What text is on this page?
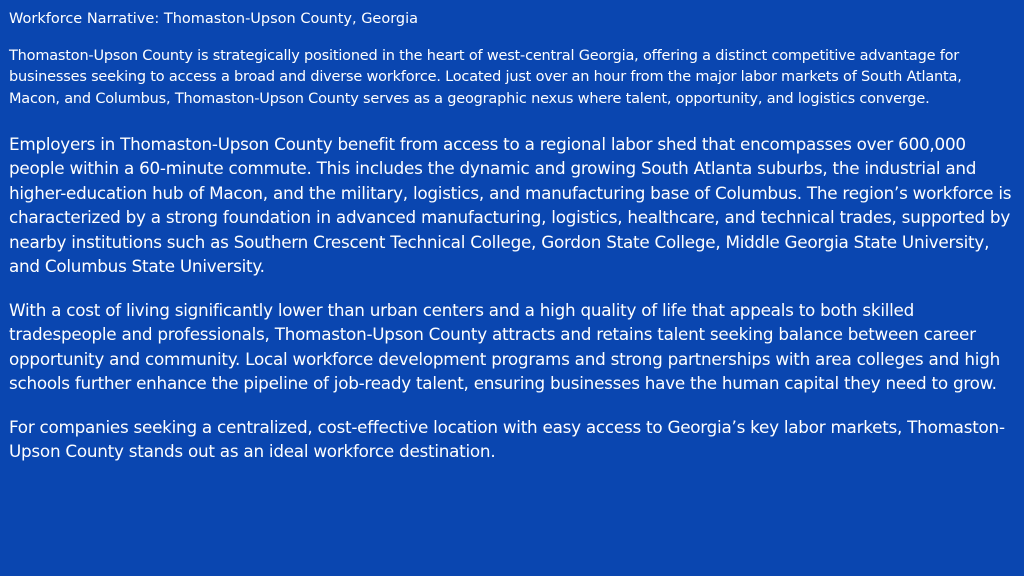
Workforce Narrative: Thomaston-Upson County, Georgia

Thomaston-Upson County is strategically positioned in the heart of west-central Georgia, offering a distinct competitive advantage for businesses seeking to access a broad and diverse workforce. Located just over an hour from the major labor markets of South Atlanta, Macon, and Columbus, Thomaston-Upson County serves as a geographic nexus where talent, opportunity, and logistics converge.

Employers in Thomaston-Upson County benefit from access to a regional labor shed that encompasses over 600,000 people within a 60-minute commute. This includes the dynamic and growing South Atlanta suburbs, the industrial and higher-education hub of Macon, and the military, logistics, and manufacturing base of Columbus. The region’s workforce is characterized by a strong foundation in advanced manufacturing, logistics, healthcare, and technical trades, supported by nearby institutions such as Southern Crescent Technical College, Gordon State College, Middle Georgia State University, and Columbus State University.

With a cost of living significantly lower than urban centers and a high quality of life that appeals to both skilled tradespeople and professionals, Thomaston-Upson County attracts and retains talent seeking balance between career opportunity and community. Local workforce development programs and strong partnerships with area colleges and high schools further enhance the pipeline of job-ready talent, ensuring businesses have the human capital they need to grow.

For companies seeking a centralized, cost-effective location with easy access to Georgia’s key labor markets, Thomaston-Upson County stands out as an ideal workforce destination.
